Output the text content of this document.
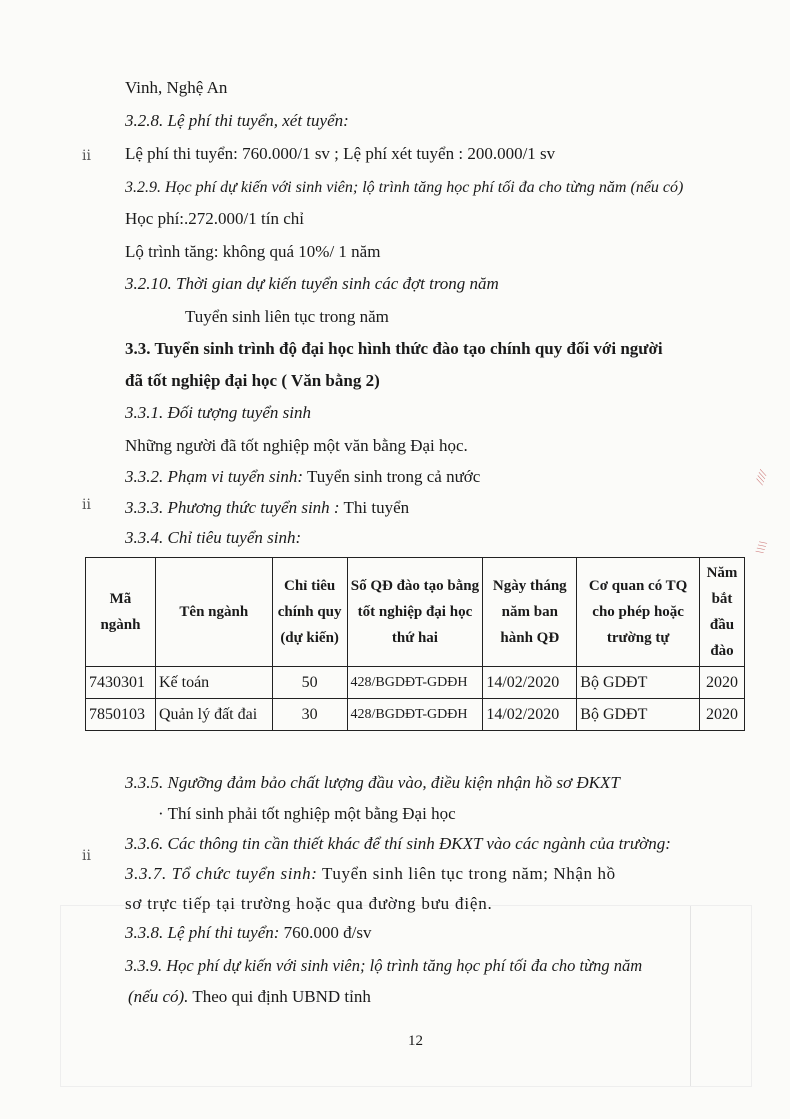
ⅱ
ⅱ
ⅱ
////
\\\\
Vinh, Nghệ An
3.2.8. Lệ phí thi tuyển, xét tuyển:
Lệ phí thi tuyển: 760.000/1 sv ; Lệ phí xét tuyển : 200.000/1 sv
3.2.9. Học phí dự kiến với sinh viên; lộ trình tăng học phí tối đa cho từng năm (nếu có)
Học phí:.272.000/1 tín chỉ
Lộ trình tăng: không quá 10%/ 1 năm
3.2.10. Thời gian dự kiến tuyển sinh các đợt trong năm
Tuyển sinh liên tục trong năm
3.3. Tuyển sinh trình độ đại học hình thức đào tạo chính quy đối với người
đã tốt nghiệp đại học ( Văn bằng 2)
3.3.1. Đối tượng tuyển sinh
Những người đã tốt nghiệp một văn bằng Đại học.
3.3.2. Phạm vi tuyển sinh: Tuyển sinh trong cả nước
3.3.3. Phương thức tuyển sinh : Thi tuyển
3.3.4. Chỉ tiêu tuyển sinh:
Mã ngành	Tên ngành	Chỉ tiêu chính quy (dự kiến)	Số QĐ đào tạo bằng tốt nghiệp đại học thứ hai	Ngày tháng năm ban hành QĐ	Cơ quan có TQ cho phép hoặc trường tự	Năm bắt đầu đào
7430301	Kế toán	50	428/BGDĐT-GDĐH	14/02/2020	Bộ GDĐT	2020
7850103	Quản lý đất đai	30	428/BGDĐT-GDĐH	14/02/2020	Bộ GDĐT	2020
3.3.5. Ngưỡng đảm bảo chất lượng đầu vào, điều kiện nhận hồ sơ ĐKXT
· Thí sinh phải tốt nghiệp một bằng Đại học
3.3.6. Các thông tin cần thiết khác để thí sinh ĐKXT vào các ngành của trường:
3.3.7. Tổ chức tuyển sinh: Tuyển sinh liên tục trong năm; Nhận hồ
sơ trực tiếp tại trường hoặc qua đường bưu điện.
3.3.8. Lệ phí thi tuyển: 760.000 đ/sv
3.3.9. Học phí dự kiến với sinh viên; lộ trình tăng học phí tối đa cho từng năm
(nếu có). Theo qui định UBND tỉnh
12
